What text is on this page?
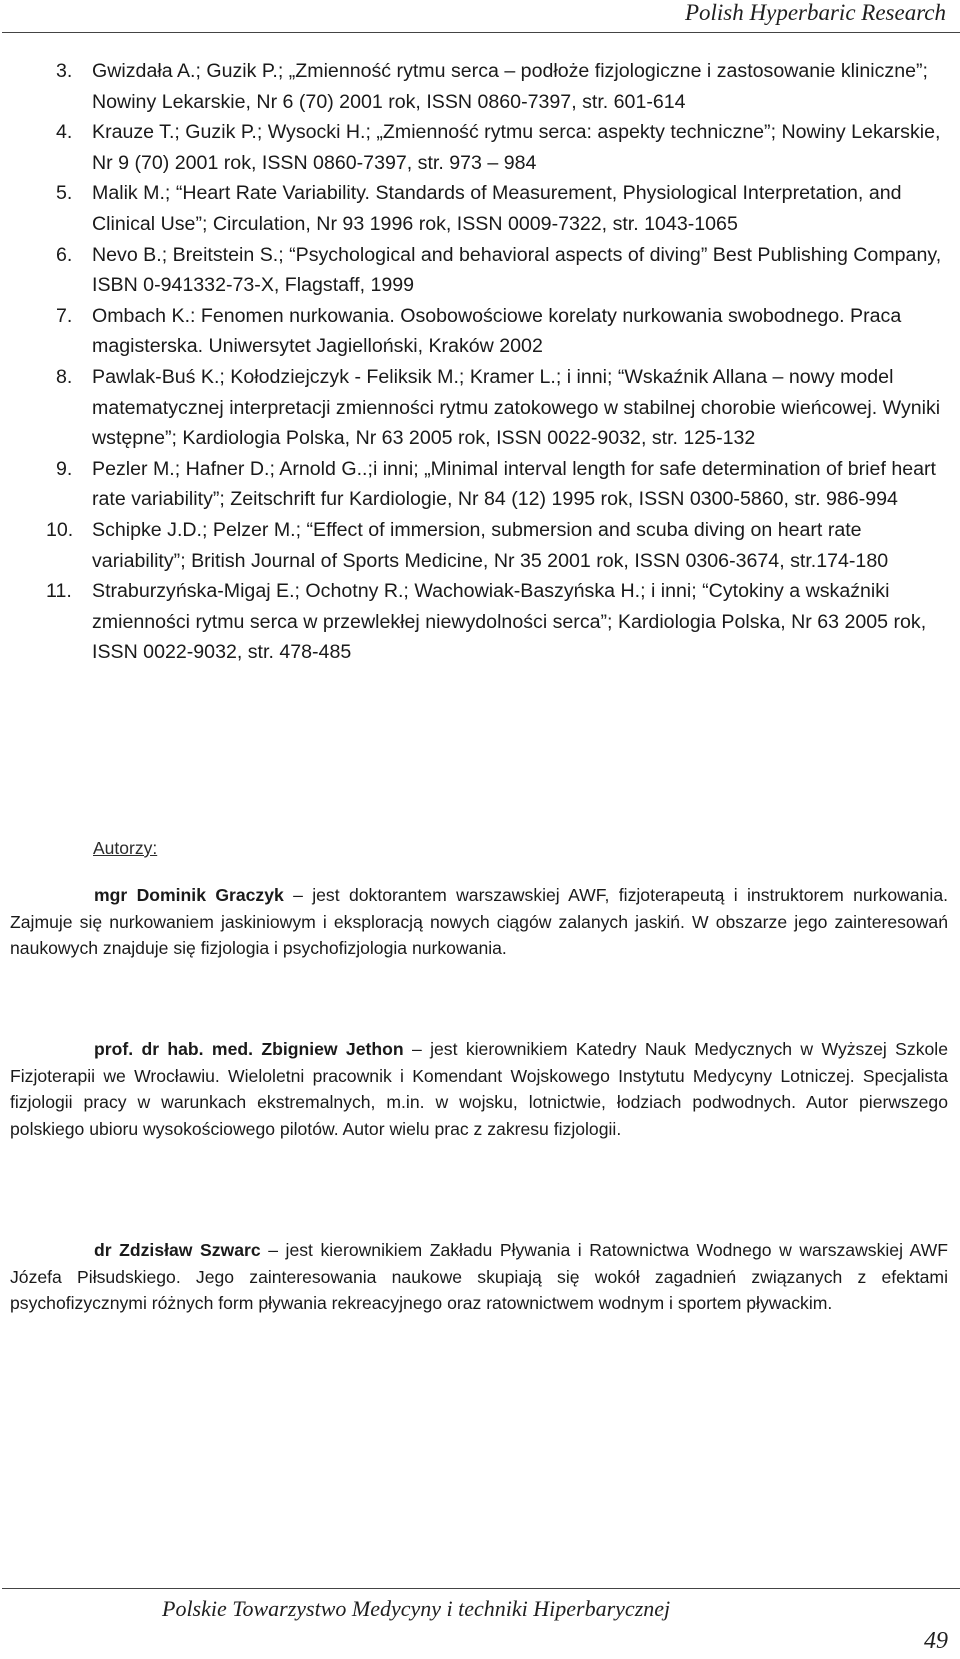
Polish Hyperbaric Research
3.	Gwizdała A.; Guzik P.; „Zmienność rytmu serca – podłoże fizjologiczne i zastosowanie kliniczne”; Nowiny Lekarskie, Nr 6 (70) 2001 rok, ISSN 0860-7397, str. 601-614
4.	Krauze T.; Guzik P.; Wysocki H.; „Zmienność rytmu serca: aspekty techniczne”; Nowiny Lekarskie, Nr 9 (70) 2001 rok, ISSN 0860-7397, str. 973 – 984
5.	Malik M.; “Heart Rate Variability. Standards of Measurement, Physiological Interpretation, and Clinical Use”; Circulation, Nr 93 1996 rok, ISSN 0009-7322, str. 1043-1065
6.	Nevo B.; Breitstein S.; “Psychological and behavioral aspects of diving” Best Publishing Company, ISBN 0-941332-73-X, Flagstaff, 1999
7.	Ombach K.: Fenomen nurkowania. Osobowościowe korelaty nurkowania swobodnego. Praca magisterska. Uniwersytet Jagielloński, Kraków 2002
8.	Pawlak-Buś K.; Kołodziejczyk - Feliksik M.; Kramer L.; i inni; “Wskaźnik Allana – nowy model matematycznej interpretacji zmienności rytmu zatokowego w stabilnej chorobie wieńcowej. Wyniki wstępne”; Kardiologia Polska, Nr 63 2005 rok, ISSN 0022-9032, str. 125-132
9.	Pezler M.; Hafner D.; Arnold G..;i inni; „Minimal interval length for safe determination of brief heart rate variability”; Zeitschrift fur Kardiologie, Nr 84 (12) 1995 rok, ISSN 0300-5860, str. 986-994
10. Schipke J.D.; Pelzer M.; “Effect of immersion, submersion and scuba diving on heart rate variability”; British Journal of Sports Medicine, Nr 35 2001 rok, ISSN 0306-3674, str.174-180
11.	Straburzyńska-Migaj E.; Ochotny R.; Wachowiak-Baszyńska H.; i inni; “Cytokiny a wskaźniki zmienności rytmu serca w przewlekłej niewydolności serca”; Kardiologia Polska, Nr 63 2005 rok, ISSN 0022-9032, str. 478-485
Autorzy:

mgr Dominik Graczyk – jest doktorantem warszawskiej AWF, fizjoterapeutą i instruktorem nurkowania. Zajmuje się nurkowaniem jaskiniowym i eksploracją nowych ciągów zalanych jaskiń. W obszarze jego zainteresowań naukowych znajduje się fizjologia i psychofizjologia nurkowania.

prof. dr hab. med. Zbigniew Jethon – jest kierownikiem Katedry Nauk Medycznych w Wyższej Szkole Fizjoterapii we Wrocławiu. Wieloletni pracownik i Komendant Wojskowego Instytutu Medycyny Lotniczej. Specjalista fizjologii pracy w warunkach ekstremalnych, m.in. w wojsku, lotnictwie, łodziach podwodnych. Autor pierwszego polskiego ubioru wysokościowego pilotów. Autor wielu prac z zakresu fizjologii.

dr Zdzisław Szwarc – jest kierownikiem Zakładu Pływania i Ratownictwa Wodnego w warszawskiej AWF Józefa Piłsudskiego. Jego zainteresowania naukowe skupiają się wokół zagadnień związanych z efektami psychofizycznymi różnych form pływania rekreacyjnego oraz ratownictwem wodnym i sportem pływackim.

Polskie Towarzystwo Medycyny i techniki Hiperbarycznej
49
